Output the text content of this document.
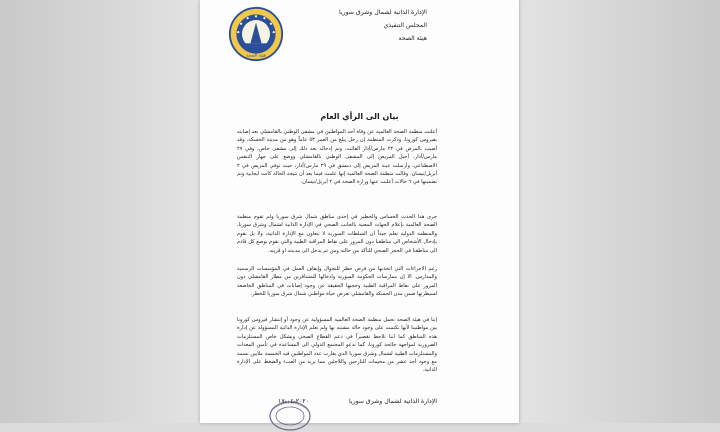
الإدارة الذاتية لشمال وشرق سوريا
المجلس التنفيذي
هيئة الصحة
هيئة الصحة
بيان الى الرأي العام

أعلنت منظمة الصحة العالمية عن وفاة أحد المواطنين في مشفى الوطني بالقامشلي بعد إصابته بفيروس كورونا، وذكرت المنظمة إن رجل يبلغ من العمر ٥٣ عاماً وهو من مدينة الحسكة، وقد أصيب بالمرض في ٢٢ مارس/آذار الفائت، وتم إدخاله بعد ذلك إلى مشفى خاص، وفي ٢٧ مارس/آذار، أحيل المريض إلى المشفى الوطني بالقامشلي ووضع على جهاز التنفس الاصطناعي، وأرسلت عينة المريض إلى دمشق في ٢٩ مارس/آذار، حيث توفي المريض في ٢ أبريل/نيسان. وقالت منظمة الصحة العالمية إنها علمت فيما بعد أن نتيجة الحالة كانت ايجابية وتم تضمينها في ٦ حالات أعلنت عنها وزارة الصحة في ٢ أبريل/نيسان.

جرى هذا الحدث الحساس والخطير في إحدى مناطق شمال شرق سوريا ولم تقوم منظمة الصحة العالمية بإعلام الجهات المعنية بالجانب الصحي في الإدارة الذاتية لشمال وشرق سوريا، والمنظمة الدولية تعلم جيداً أن السلطات السورية لا تتعاون مع الإدارة الذاتية، ولا بل تقوم بإدخال الأشخاص الى مناطقنا دون المرور على نقاط المراقبة الطبية والتي نقوم بوضع كل قادم الى مناطقنا في الحجر الصحي للتأكد من حالته ومن ثم يدخل الى مدينته او قريته.

رغم الاجراءات التي اتخذنها من فرض حظر للتجوال وإيقاف العمل في المؤسسات الرسمية والمدارس. الا إن ممارسات الحكومة السورية وادخالها للمسافرين من مطار القامشلي دون المرور على نقاط المراقبة الطبية وحجبها الحقيقة عن وجود إصابات في المناطق الخاضعة لسيطرتها ضمن مدن الحسكة والقامشلي تعرض حياة مواطني شمال شرق سوريا للخطر.

إننا في هيئة الصحة نحمل منظمة الصحة العالمية المسؤولية عن وجود أو إنتشار فيروس كورونا بين مواطنينا لأنها تكتمت على وجود حالة مشتبه بها ولم تعلم الإدارة الذاتية المسؤولة عن إدارة هذه المناطق كما اننا نلاحظ تقصيراً في دعم القطاع الصحي وبشكل خاص المستلزمات الضرورية لمواجهة جائحة كورونا، كما ندعو المجتمع الدولي الى المساعدة في تأمين المعدات والمستلزمات الطبية لشمال وشرق سوريا الذي يقارب عدد المواطنين فيه الخمسة ملايين نسمة مع وجود أحد عشر من مخيمات للنازحين واللاجئين مما يزيد من العبء والضغط على الإدارة الذاتية.

الإدارة الذاتية لشمال وشرق سوريا
٢٠٢٠-٠٤-١٧
